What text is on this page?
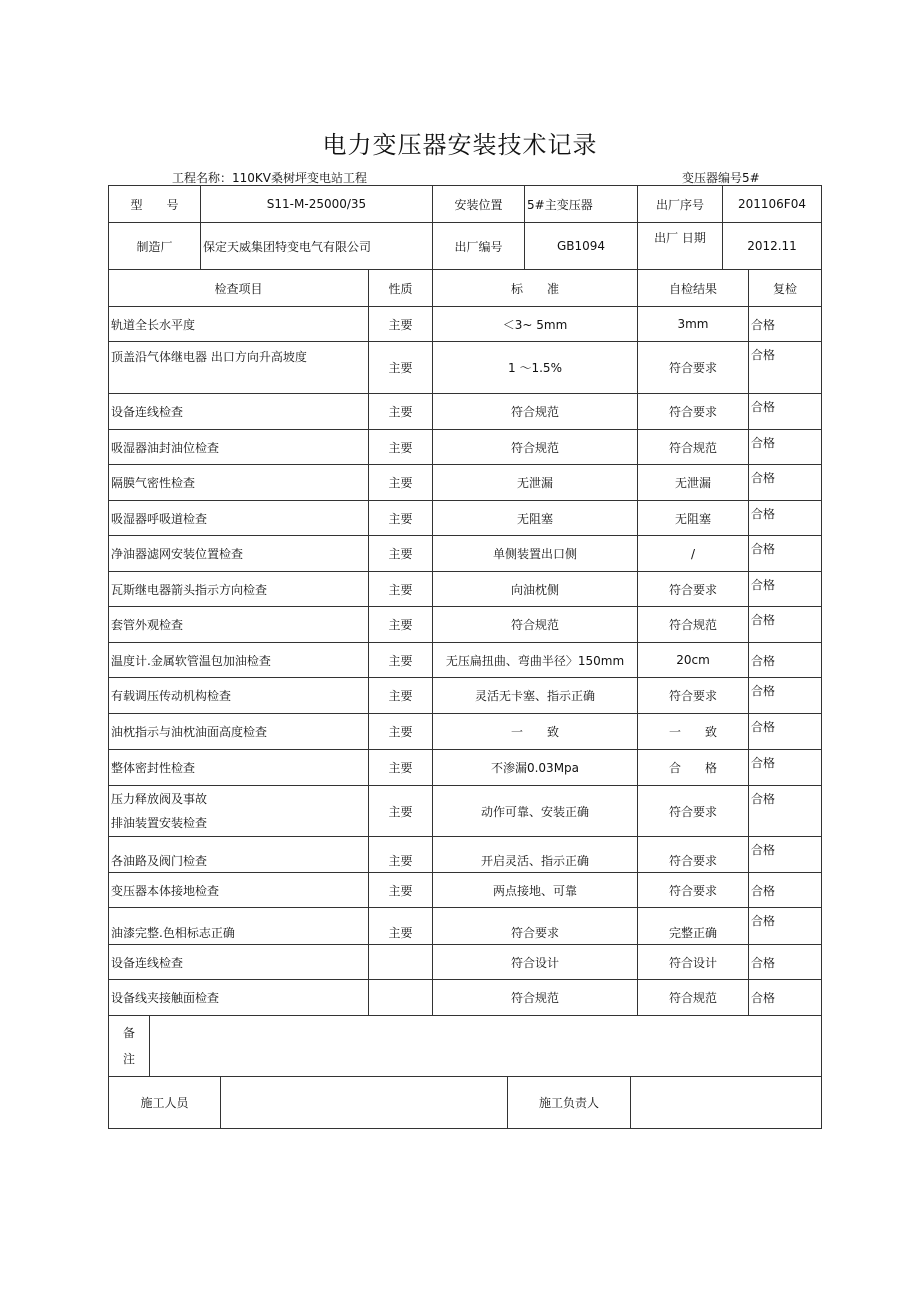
电力变压器安装技术记录
工程名称：110KV桑树坪变电站工程	变压器编号5#
型　　号	S11-M-25000/35	安装位置	5#主变压器	出厂序号	201106F04
制造厂	保定天威集团特变电气有限公司	出厂编号	GB1094	出厂 日期	2012.11
检查项目	性质	标　　准	自检结果	复检
轨道全长水平度	主要	＜3~ 5mm	3mm	合格
顶盖沿气体继电器 出口方向升高坡度	主要	1 ～1.5%	符合要求	合格
设备连线检查	主要	符合规范	符合要求	合格
吸湿器油封油位检查	主要	符合规范	符合规范	合格
隔膜气密性检查	主要	无泄漏	无泄漏	合格
吸湿器呼吸道检查	主要	无阻塞	无阻塞	合格
净油器滤网安装位置检查	主要	单侧装置出口侧	/	合格
瓦斯继电器箭头指示方向检查	主要	向油枕侧	符合要求	合格
套管外观检查	主要	符合规范	符合规范	合格
温度计.金属软管温包加油检查	主要	无压扁扭曲、弯曲半径〉150mm	20cm	合格
有载调压传动机构检查	主要	灵活无卡塞、指示正确	符合要求	合格
油枕指示与油枕油面高度检查	主要	一　　致	一　　致	合格
整体密封性检查	主要	不渗漏0.03Mpa	合　　格	合格

压力释放阀及事故
排油装置安装检查	主要	动作可靠、安装正确	符合要求	合格
各油路及阀门检查	主要	开启灵活、指示正确	符合要求	合格
变压器本体接地检查	主要	两点接地、可靠	符合要求	合格
油漆完整.色相标志正确	主要	符合要求	完整正确	合格
设备连线检查		符合设计	符合设计	合格
设备线夹接触面检查		符合规范	符合规范	合格
备
注

施工人员		施工负责人	
